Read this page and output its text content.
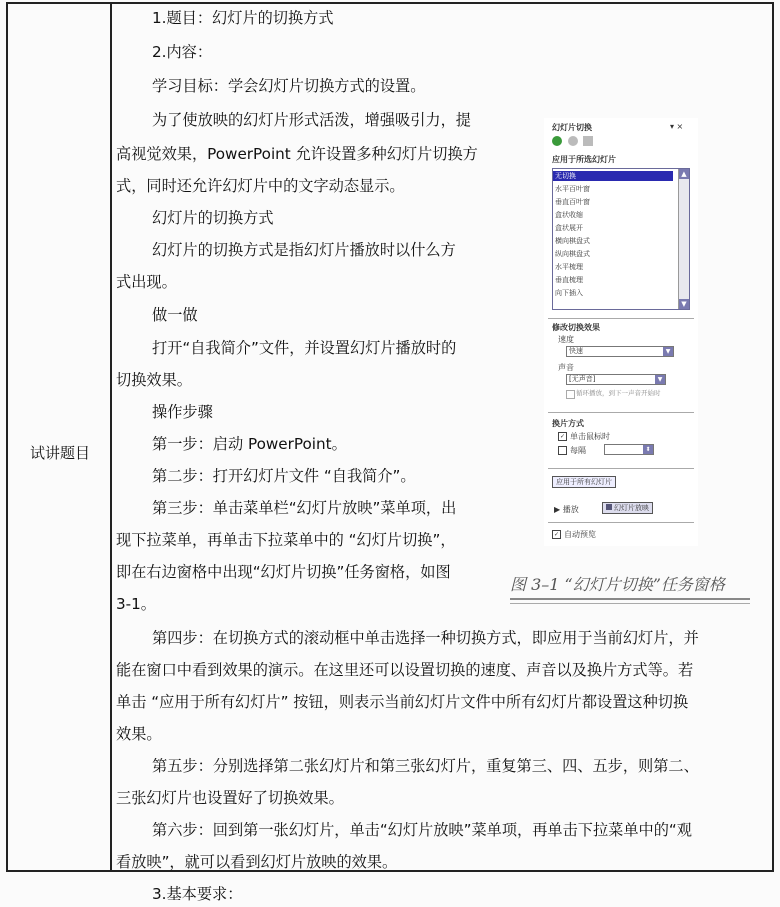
试讲题目
1.题目：幻灯片的切换方式
2.内容：
学习目标：学会幻灯片切换方式的设置。
为了使放映的幻灯片形式活泼，增强吸引力，提
高视觉效果，PowerPoint 允许设置多种幻灯片切换方
式，同时还允许幻灯片中的文字动态显示。
幻灯片的切换方式
幻灯片的切换方式是指幻灯片播放时以什么方
式出现。
做一做
打开“自我简介”文件，并设置幻灯片播放时的
切换效果。
操作步骤
第一步：启动 PowerPoint。
第二步：打开幻灯片文件 “自我简介”。
第三步：单击菜单栏“幻灯片放映”菜单项，出
现下拉菜单，再单击下拉菜单中的 “幻灯片切换”，
即在右边窗格中出现“幻灯片切换”任务窗格，如图
3-1。
第四步：在切换方式的滚动框中单击选择一种切换方式，即应用于当前幻灯片，并
能在窗口中看到效果的演示。在这里还可以设置切换的速度、声音以及换片方式等。若
单击 “应用于所有幻灯片” 按钮，则表示当前幻灯片文件中所有幻灯片都设置这种切换
效果。
第五步：分别选择第二张幻灯片和第三张幻灯片，重复第三、四、五步，则第二、
三张幻灯片也设置好了切换效果。
第六步：回到第一张幻灯片，单击“幻灯片放映”菜单项，再单击下拉菜单中的“观
看放映”，就可以看到幻灯片放映的效果。
3.基本要求：
幻灯片切换	▾ ×

应用于所选幻灯片
无切换
水平百叶窗
垂直百叶窗
盒状收缩
盒状展开
横向棋盘式
纵向棋盘式
水平梳理
垂直梳理
向下插入
▲
▼
修改切换效果
速度
快速	▼
声音
[无声音]	▼
循环播放，到下一声音开始时
换片方式
✓ 单击鼠标时
每隔	⬍
应用于所有幻灯片
▶ 播放	幻灯片放映
✓ 自动预览
图 3–1 “幻灯片切换”任务窗格
